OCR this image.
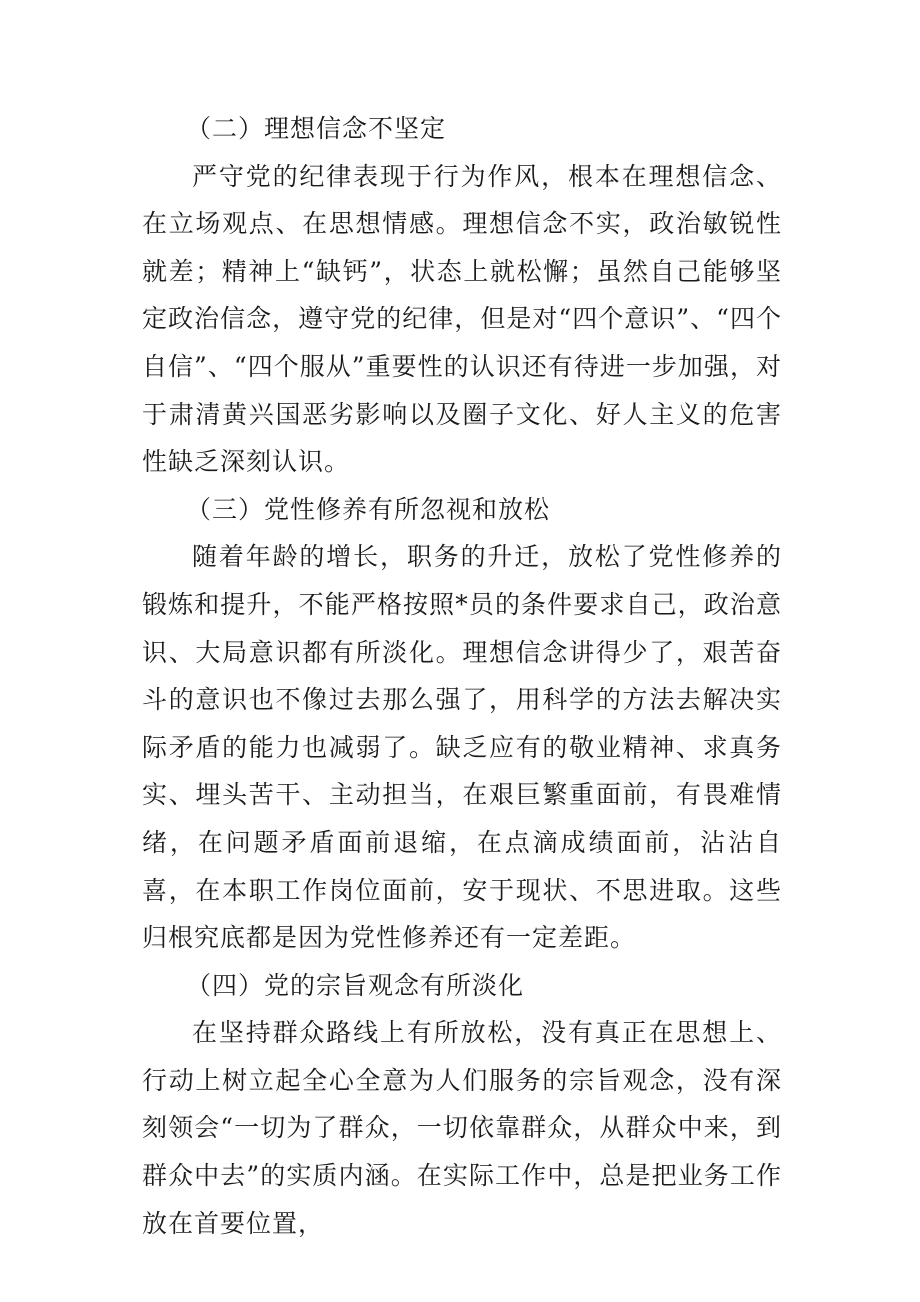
（二）理想信念不坚定

严守党的纪律表现于行为作风，根本在理想信念、在立场观点、在思想情感。理想信念不实，政治敏锐性就差；精神上“缺钙”，状态上就松懈；虽然自己能够坚定政治信念，遵守党的纪律，但是对“四个意识”、“四个自信”、“四个服从”重要性的认识还有待进一步加强，对于肃清黄兴国恶劣影响以及圈子文化、好人主义的危害性缺乏深刻认识。

（三）党性修养有所忽视和放松

随着年龄的增长，职务的升迁，放松了党性修养的锻炼和提升，不能严格按照*员的条件要求自己，政治意识、大局意识都有所淡化。理想信念讲得少了，艰苦奋斗的意识也不像过去那么强了，用科学的方法去解决实际矛盾的能力也减弱了。缺乏应有的敬业精神、求真务实、埋头苦干、主动担当，在艰巨繁重面前，有畏难情绪，在问题矛盾面前退缩，在点滴成绩面前，沾沾自喜，在本职工作岗位面前，安于现状、不思进取。这些归根究底都是因为党性修养还有一定差距。

（四）党的宗旨观念有所淡化

在坚持群众路线上有所放松，没有真正在思想上、行动上树立起全心全意为人们服务的宗旨观念，没有深刻领会“一切为了群众，一切依靠群众，从群众中来，到群众中去”的实质内涵。在实际工作中，总是把业务工作放在首要位置，
